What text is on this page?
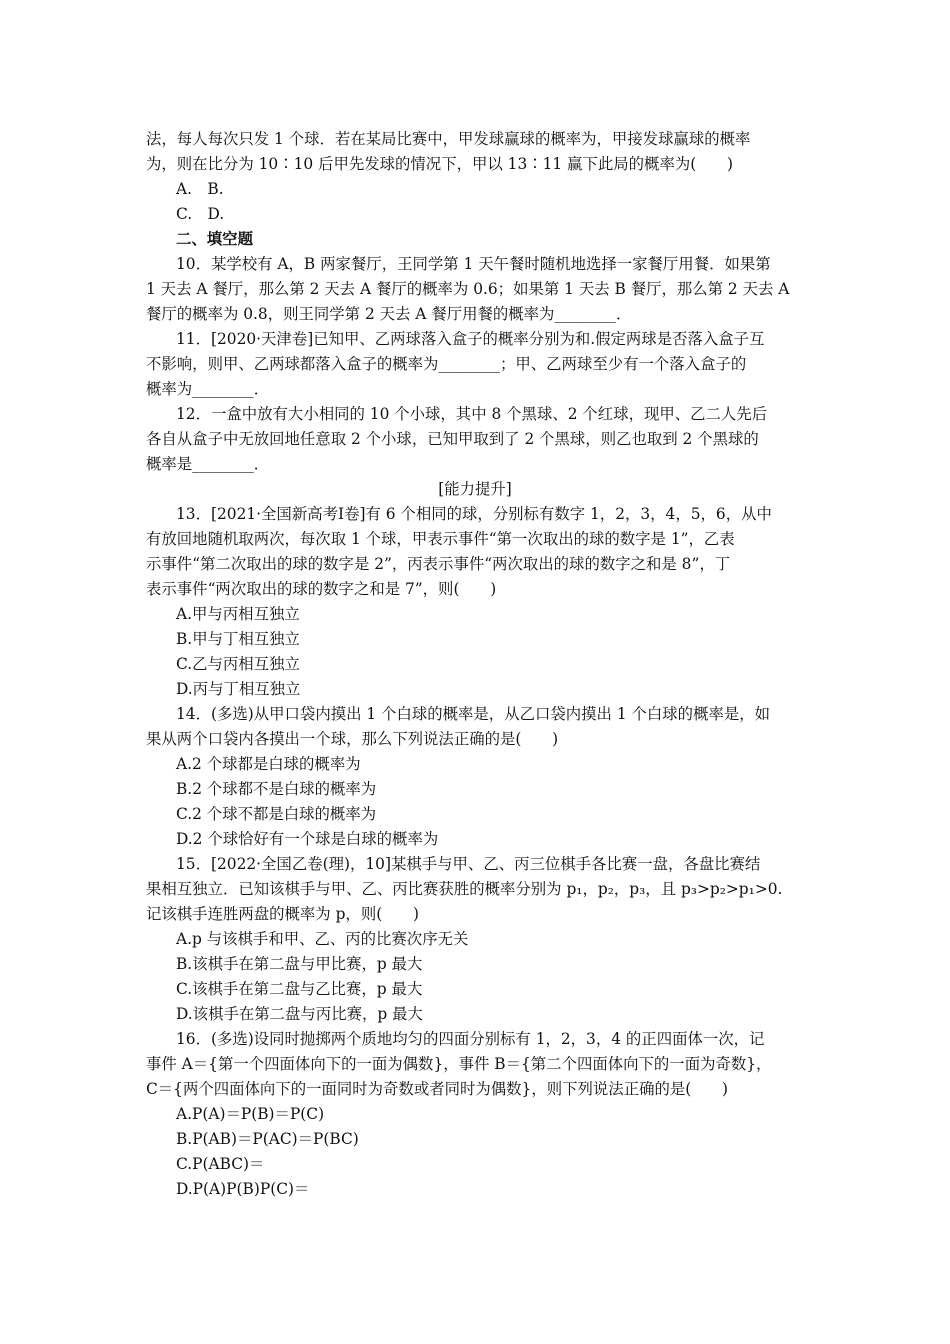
法，每人每次只发 1 个球．若在某局比赛中，甲发球赢球的概率为，甲接发球赢球的概率
为，则在比分为 10∶10 后甲先发球的情况下，甲以 13∶11 赢下此局的概率为(　　)
A.　B.
C.　D.
二、填空题
10．某学校有 A，B 两家餐厅，王同学第 1 天午餐时随机地选择一家餐厅用餐．如果第
1 天去 A 餐厅，那么第 2 天去 A 餐厅的概率为 0.6；如果第 1 天去 B 餐厅，那么第 2 天去 A
餐厅的概率为 0.8，则王同学第 2 天去 A 餐厅用餐的概率为________．
11．[2020·天津卷]已知甲、乙两球落入盒子的概率分别为和.假定两球是否落入盒子互
不影响，则甲、乙两球都落入盒子的概率为________；甲、乙两球至少有一个落入盒子的
概率为________．
12．一盒中放有大小相同的 10 个小球，其中 8 个黑球、2 个红球，现甲、乙二人先后
各自从盒子中无放回地任意取 2 个小球，已知甲取到了 2 个黑球，则乙也取到 2 个黑球的
概率是________．
[能力提升]
13．[2021·全国新高考Ⅰ卷]有 6 个相同的球，分别标有数字 1，2，3，4，5，6，从中
有放回地随机取两次，每次取 1 个球，甲表示事件“第一次取出的球的数字是 1”，乙表
示事件“第二次取出的球的数字是 2”，丙表示事件“两次取出的球的数字之和是 8”，丁
表示事件“两次取出的球的数字之和是 7”，则(　　)
A.甲与丙相互独立
B.甲与丁相互独立
C.乙与丙相互独立
D.丙与丁相互独立
14．(多选)从甲口袋内摸出 1 个白球的概率是，从乙口袋内摸出 1 个白球的概率是，如
果从两个口袋内各摸出一个球，那么下列说法正确的是(　　)
A.2 个球都是白球的概率为
B.2 个球都不是白球的概率为
C.2 个球不都是白球的概率为
D.2 个球恰好有一个球是白球的概率为
15．[2022·全国乙卷(理)，10]某棋手与甲、乙、丙三位棋手各比赛一盘，各盘比赛结
果相互独立．已知该棋手与甲、乙、丙比赛获胜的概率分别为 p₁，p₂，p₃，且 p₃>p₂>p₁>0.
记该棋手连胜两盘的概率为 p，则(　　)
A.p 与该棋手和甲、乙、丙的比赛次序无关
B.该棋手在第二盘与甲比赛，p 最大
C.该棋手在第二盘与乙比赛，p 最大
D.该棋手在第二盘与丙比赛，p 最大
16．(多选)设同时抛掷两个质地均匀的四面分别标有 1，2，3，4 的正四面体一次，记
事件 A＝{第一个四面体向下的一面为偶数}，事件 B＝{第二个四面体向下的一面为奇数}，
C＝{两个四面体向下的一面同时为奇数或者同时为偶数}，则下列说法正确的是(　　)
A.P(A)＝P(B)＝P(C)
B.P(AB)＝P(AC)＝P(BC)
C.P(ABC)＝
D.P(A)P(B)P(C)＝
